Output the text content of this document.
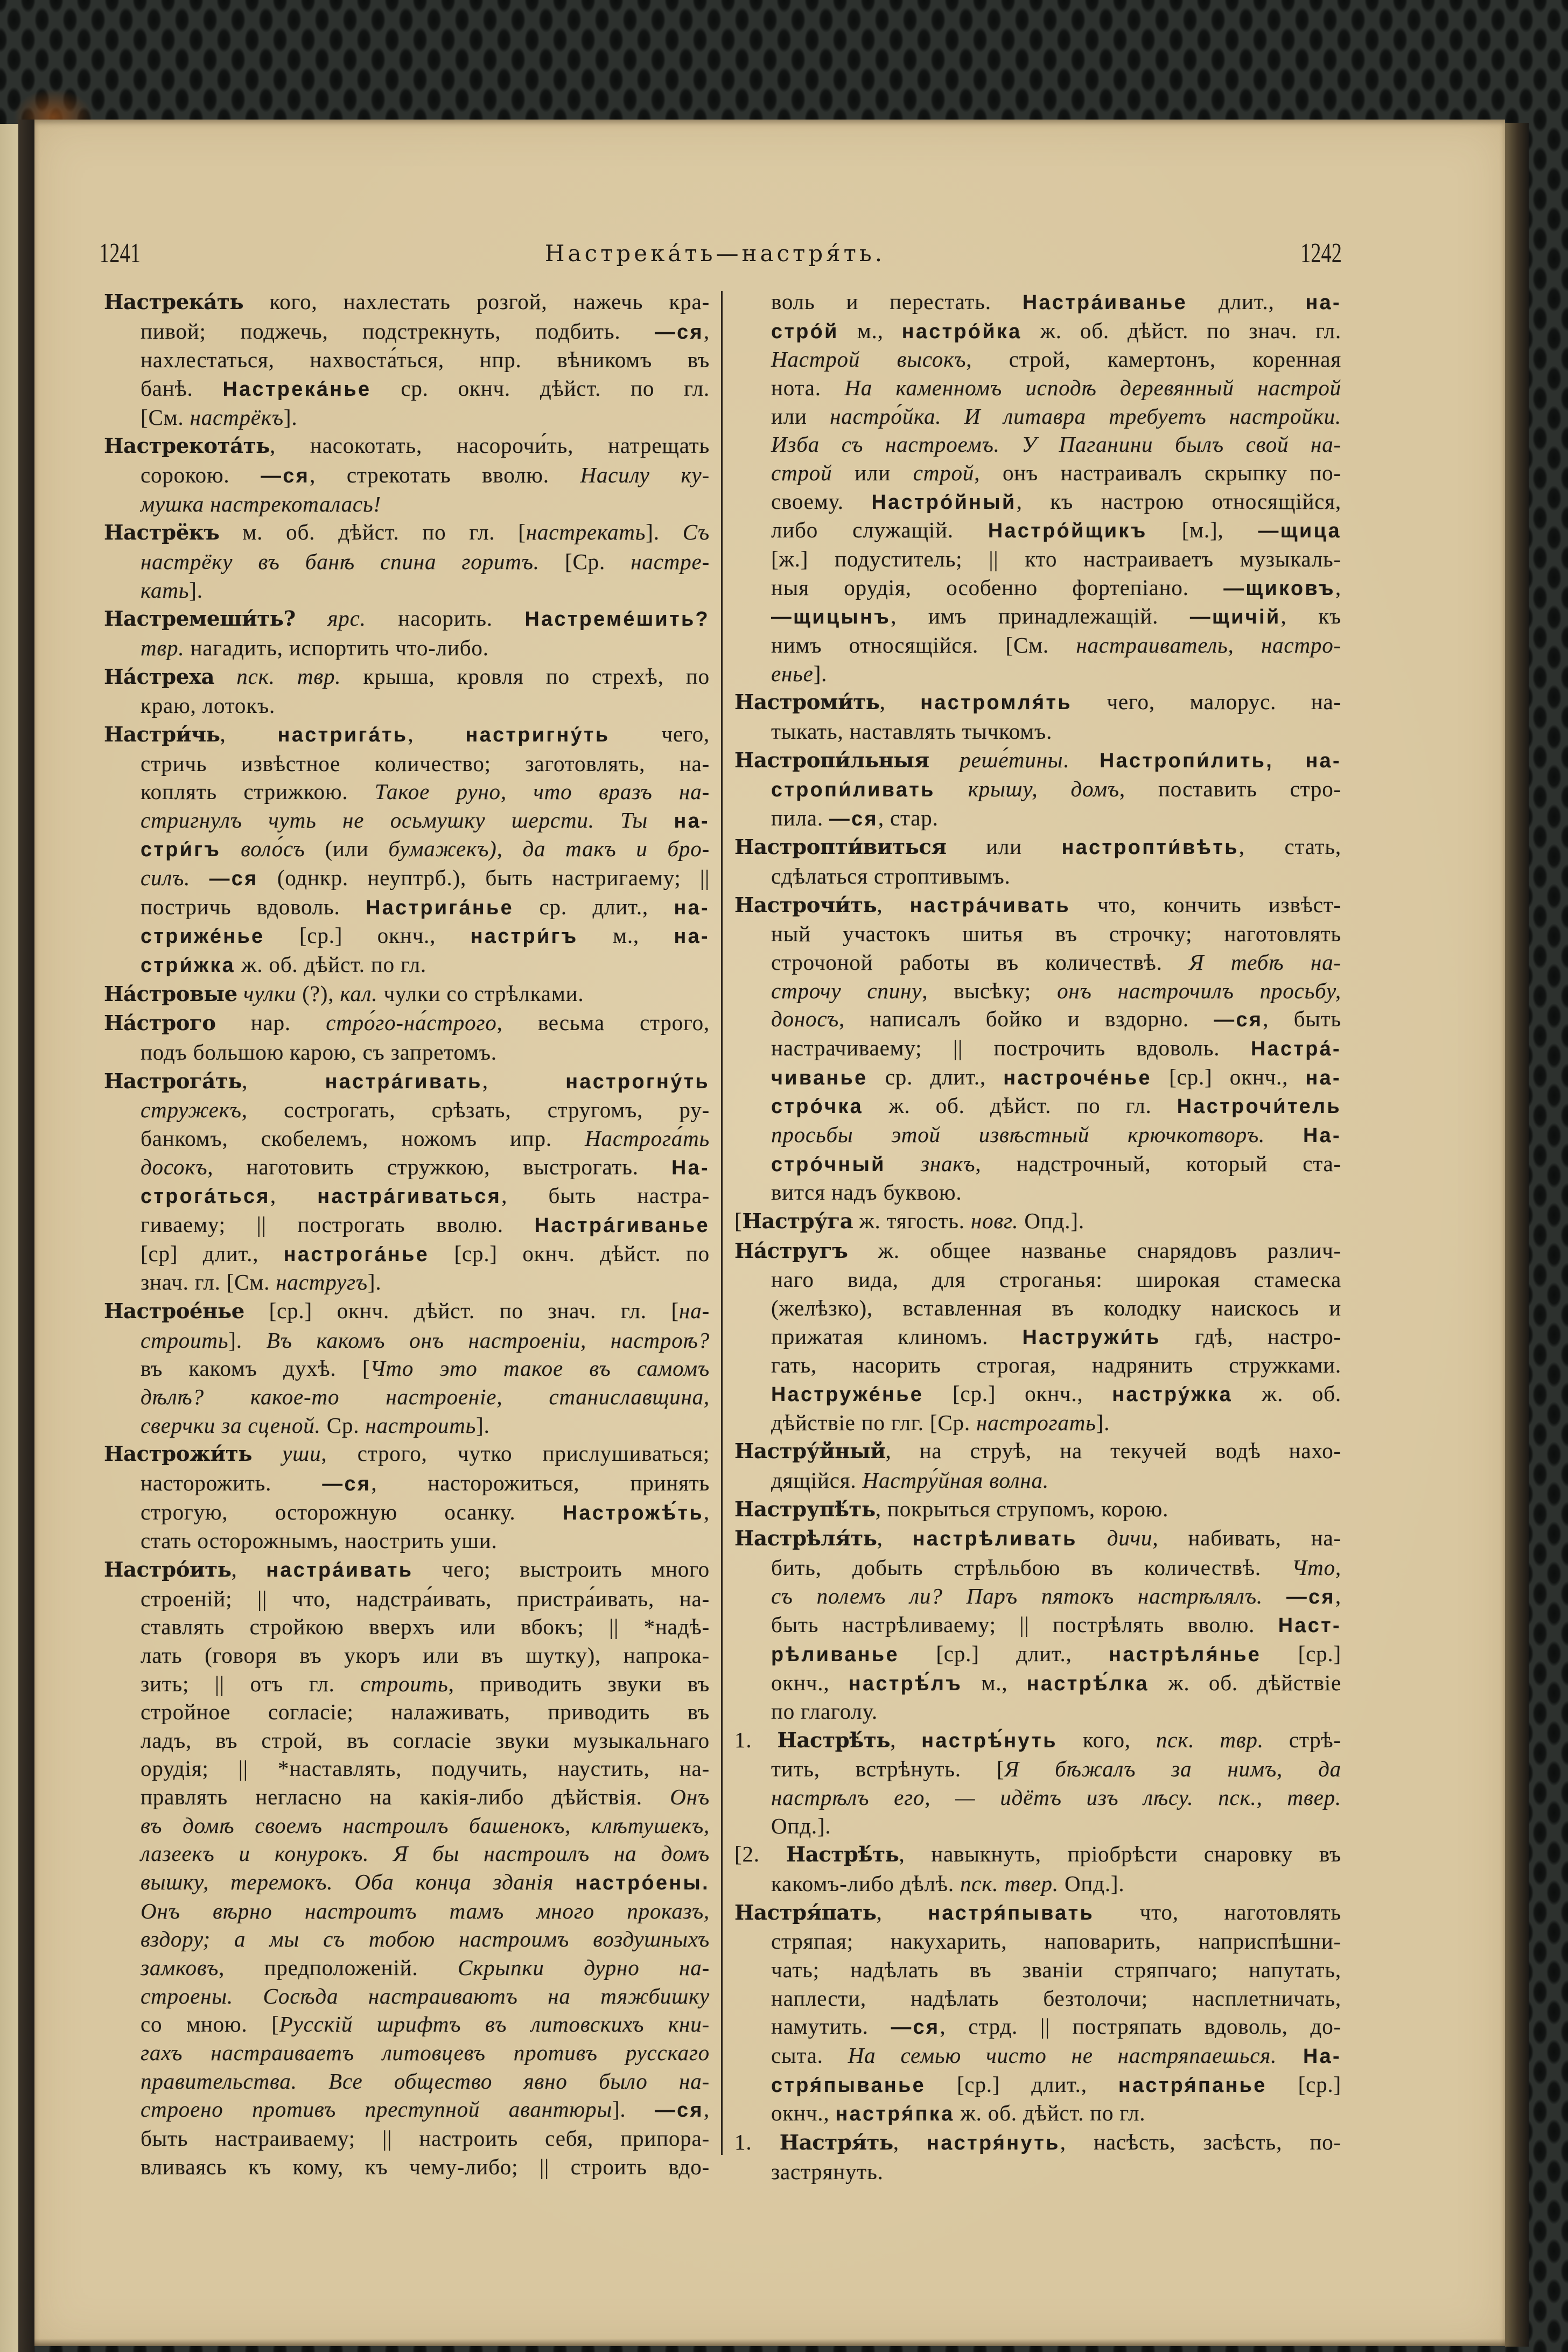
1241	Настрека́ть—настря́ть.	1242
Настрека́ть кого, нахлестать розгой, нажечь кра-
пивой; поджечь, подстрекнуть, подбить. —ся,
нахлестаться, нахвоста́ться, нпр. вѣникомъ въ
банѣ. Настрека́нье ср. окнч. дѣйст. по гл.
[См. настрёкъ].
Настрекота́ть, насокотать, насорочи́ть, натрещать
сорокою. —ся, стрекотать вволю. Насилу ку-
мушка настрекоталась!
Настрёкъ м. об. дѣйст. по гл. [настрекать]. Съ
настрёку въ банѣ спина горитъ. [Ср. настре-
кать].
Настремеши́ть? ярс. насорить. Настреме́шить?
твр. нагадить, испортить что-либо.
На́стреха пск. твр. крыша, кровля по стрехѣ, по
краю, лотокъ.
Настри́чь, настрига́ть, настригну́ть чего,
стричь извѣстное количество; заготовлять, на-
коплять стрижкою. Такое руно, что вразъ на-
стригнулъ чуть не осьмушку шерсти. Ты на-
стри́гъ воло́съ (или бумажекъ), да такъ и бро-
силъ. —ся (однкр. неуптрб.), быть настригаему; ||
постричь вдоволь. Настрига́нье ср. длит., на-
стриже́нье [ср.] окнч., настри́гъ м., на-
стри́жка ж. об. дѣйст. по гл.
На́стровые чулки (?), кал. чулки со стрѣлками.
На́строго нар. стро́го-на́строго, весьма строго,
подъ большою карою, съ запретомъ.
Настрога́ть, настра́гивать, настрогну́ть
стружекъ, сострогать, срѣзать, стругомъ, ру-
банкомъ, скобелемъ, ножомъ ипр. Настрога́ть
досокъ, наготовить стружкою, выстрогать. На-
строга́ться, настра́гиваться, быть настра-
гиваему; || построгать вволю. Настра́гиванье
[ср] длит., настрога́нье [ср.] окнч. дѣйст. по
знач. гл. [См. настругъ].
Настрое́нье [ср.] окнч. дѣйст. по знач. гл. [на-
строить]. Въ какомъ онъ настроеніи, настроѣ?
въ какомъ духѣ. [Что это такое въ самомъ
дѣлѣ? какое-то настроеніе, станиславщина,
сверчки за сценой. Ср. настроить].
Настрожи́ть уши, строго, чутко прислушиваться;
насторожить. —ся, насторожиться, принять
строгую, осторожную осанку. Настрожѣ́ть,
стать осторожнымъ, наострить уши.
Настро́ить, настра́ивать чего; выстроить много
строеній; || что, надстра́ивать, пристра́ивать, на-
ставлять стройкою вверхъ или вбокъ; || *надѣ-
лать (говоря въ укоръ или въ шутку), напрока-
зить; || отъ гл. строить, приводить звуки въ
стройное согласіе; налаживать, приводить въ
ладъ, въ строй, въ согласіе звуки музыкальнаго
орудія; || *наставлять, подучить, наустить, на-
правлять негласно на какія-либо дѣйствія. Онъ
въ домѣ своемъ настроилъ башенокъ, клѣтушекъ,
лазеекъ и конурокъ. Я бы настроилъ на домъ
вышку, теремокъ. Оба конца зданія настро́ены.
Онъ вѣрно настроитъ тамъ много проказъ,
вздору; а мы съ тобою настроимъ воздушныхъ
замковъ, предположеній. Скрыпки дурно на-
строены. Сосѣда настраиваютъ на тяжбишку
со мною. [Русскій шрифтъ въ литовскихъ кни-
гахъ настраиваетъ литовцевъ противъ русскаго
правительства. Все общество явно было на-
строено противъ преступной авантюры]. —ся,
быть настраиваему; || настроить себя, припора-
вливаясь къ кому, къ чему-либо; || строить вдо-
воль и перестать. Настра́иванье длит., на-
стро́й м., настро́йка ж. об. дѣйст. по знач. гл.
Настрой высокъ, строй, камертонъ, коренная
нота. На каменномъ исподѣ деревянный настрой
или настро́йка. И литавра требуетъ настройки.
Изба съ настроемъ. У Паганини былъ свой на-
строй или строй, онъ настраивалъ скрыпку по-
своему. Настро́йный, къ настрою относящійся,
либо служащій. Настро́йщикъ [м.], —щица
[ж.] подуститель; || кто настраиваетъ музыкаль-
ныя орудія, особенно фортепіано. —щиковъ,
—щицынъ, имъ принадлежащій. —щичій, къ
нимъ относящійся. [См. настраиватель, настро-
енье].
Настроми́ть, настромля́ть чего, малорус. на-
тыкать, наставлять тычкомъ.
Настропи́льныя реше́тины. Настропи́лить, на-
стропи́ливать крышу, домъ, поставить стро-
пила. —ся, стар.
Настропти́виться или настропти́вѣть, стать,
сдѣлаться строптивымъ.
Настрочи́ть, настра́чивать что, кончить извѣст-
ный участокъ шитья въ строчку; наготовлять
строчоной работы въ количествѣ. Я тебѣ на-
строчу спину, высѣку; онъ настрочилъ просьбу,
доносъ, написалъ бойко и вздорно. —ся, быть
настрачиваему; || построчить вдоволь. Настра́-
чиванье ср. длит., настроче́нье [ср.] окнч., на-
стро́чка ж. об. дѣйст. по гл. Настрочи́тель
просьбы этой извѣстный крючкотворъ. На-
стро́чный знакъ, надстрочный, который ста-
вится надъ буквою.
[Настру́га ж. тягость. новг. Опд.].
На́стругъ ж. общее названье снарядовъ различ-
наго вида, для строганья: широкая стамеска
(желѣзко), вставленная въ колодку наискось и
прижатая клиномъ. Настружи́ть гдѣ, настро-
гать, насорить строгая, надрянить стружками.
Наструже́нье [ср.] окнч., настру́жка ж. об.
дѣйствіе по глг. [Ср. настрогать].
Настру́йный, на струѣ, на текучей водѣ нахо-
дящійся. Настру́йная волна.
Наструпѣ́ть, покрыться струпомъ, корою.
Настрѣля́ть, настрѣливать дичи, набивать, на-
бить, добыть стрѣльбою въ количествѣ. Что,
съ полемъ ли? Паръ пятокъ настрѣлялъ. —ся,
быть настрѣливаему; || пострѣлять вволю. Наст-
рѣливанье [ср.] длит., настрѣля́нье [ср.]
окнч., настрѣ́лъ м., настрѣ́лка ж. об. дѣйствіе
по глаголу.
1. Настрѣ́ть, настрѣ́нуть кого, пск. твр. стрѣ-
тить, встрѣнуть. [Я бѣжалъ за нимъ, да
настрѣлъ его, — идётъ изъ лѣсу. пск., твер.
Опд.].
[2. Настрѣ́ть, навыкнуть, пріобрѣсти снаровку въ
какомъ-либо дѣлѣ. пск. твер. Опд.].
Настря́пать, настря́пывать что, наготовлять
стряпая; накухарить, наповарить, наприспѣшни-
чать; надѣлать въ званіи стряпчаго; напутать,
наплести, надѣлать безтолочи; насплетничать,
намутить. —ся, стрд. || постряпать вдоволь, до-
сыта. На семью чисто не настряпаешься. На-
стря́пыванье [ср.] длит., настря́панье [ср.]
окнч., настря́пка ж. об. дѣйст. по гл.
1. Настря́ть, настря́нуть, насѣсть, засѣсть, по-
застрянуть.
